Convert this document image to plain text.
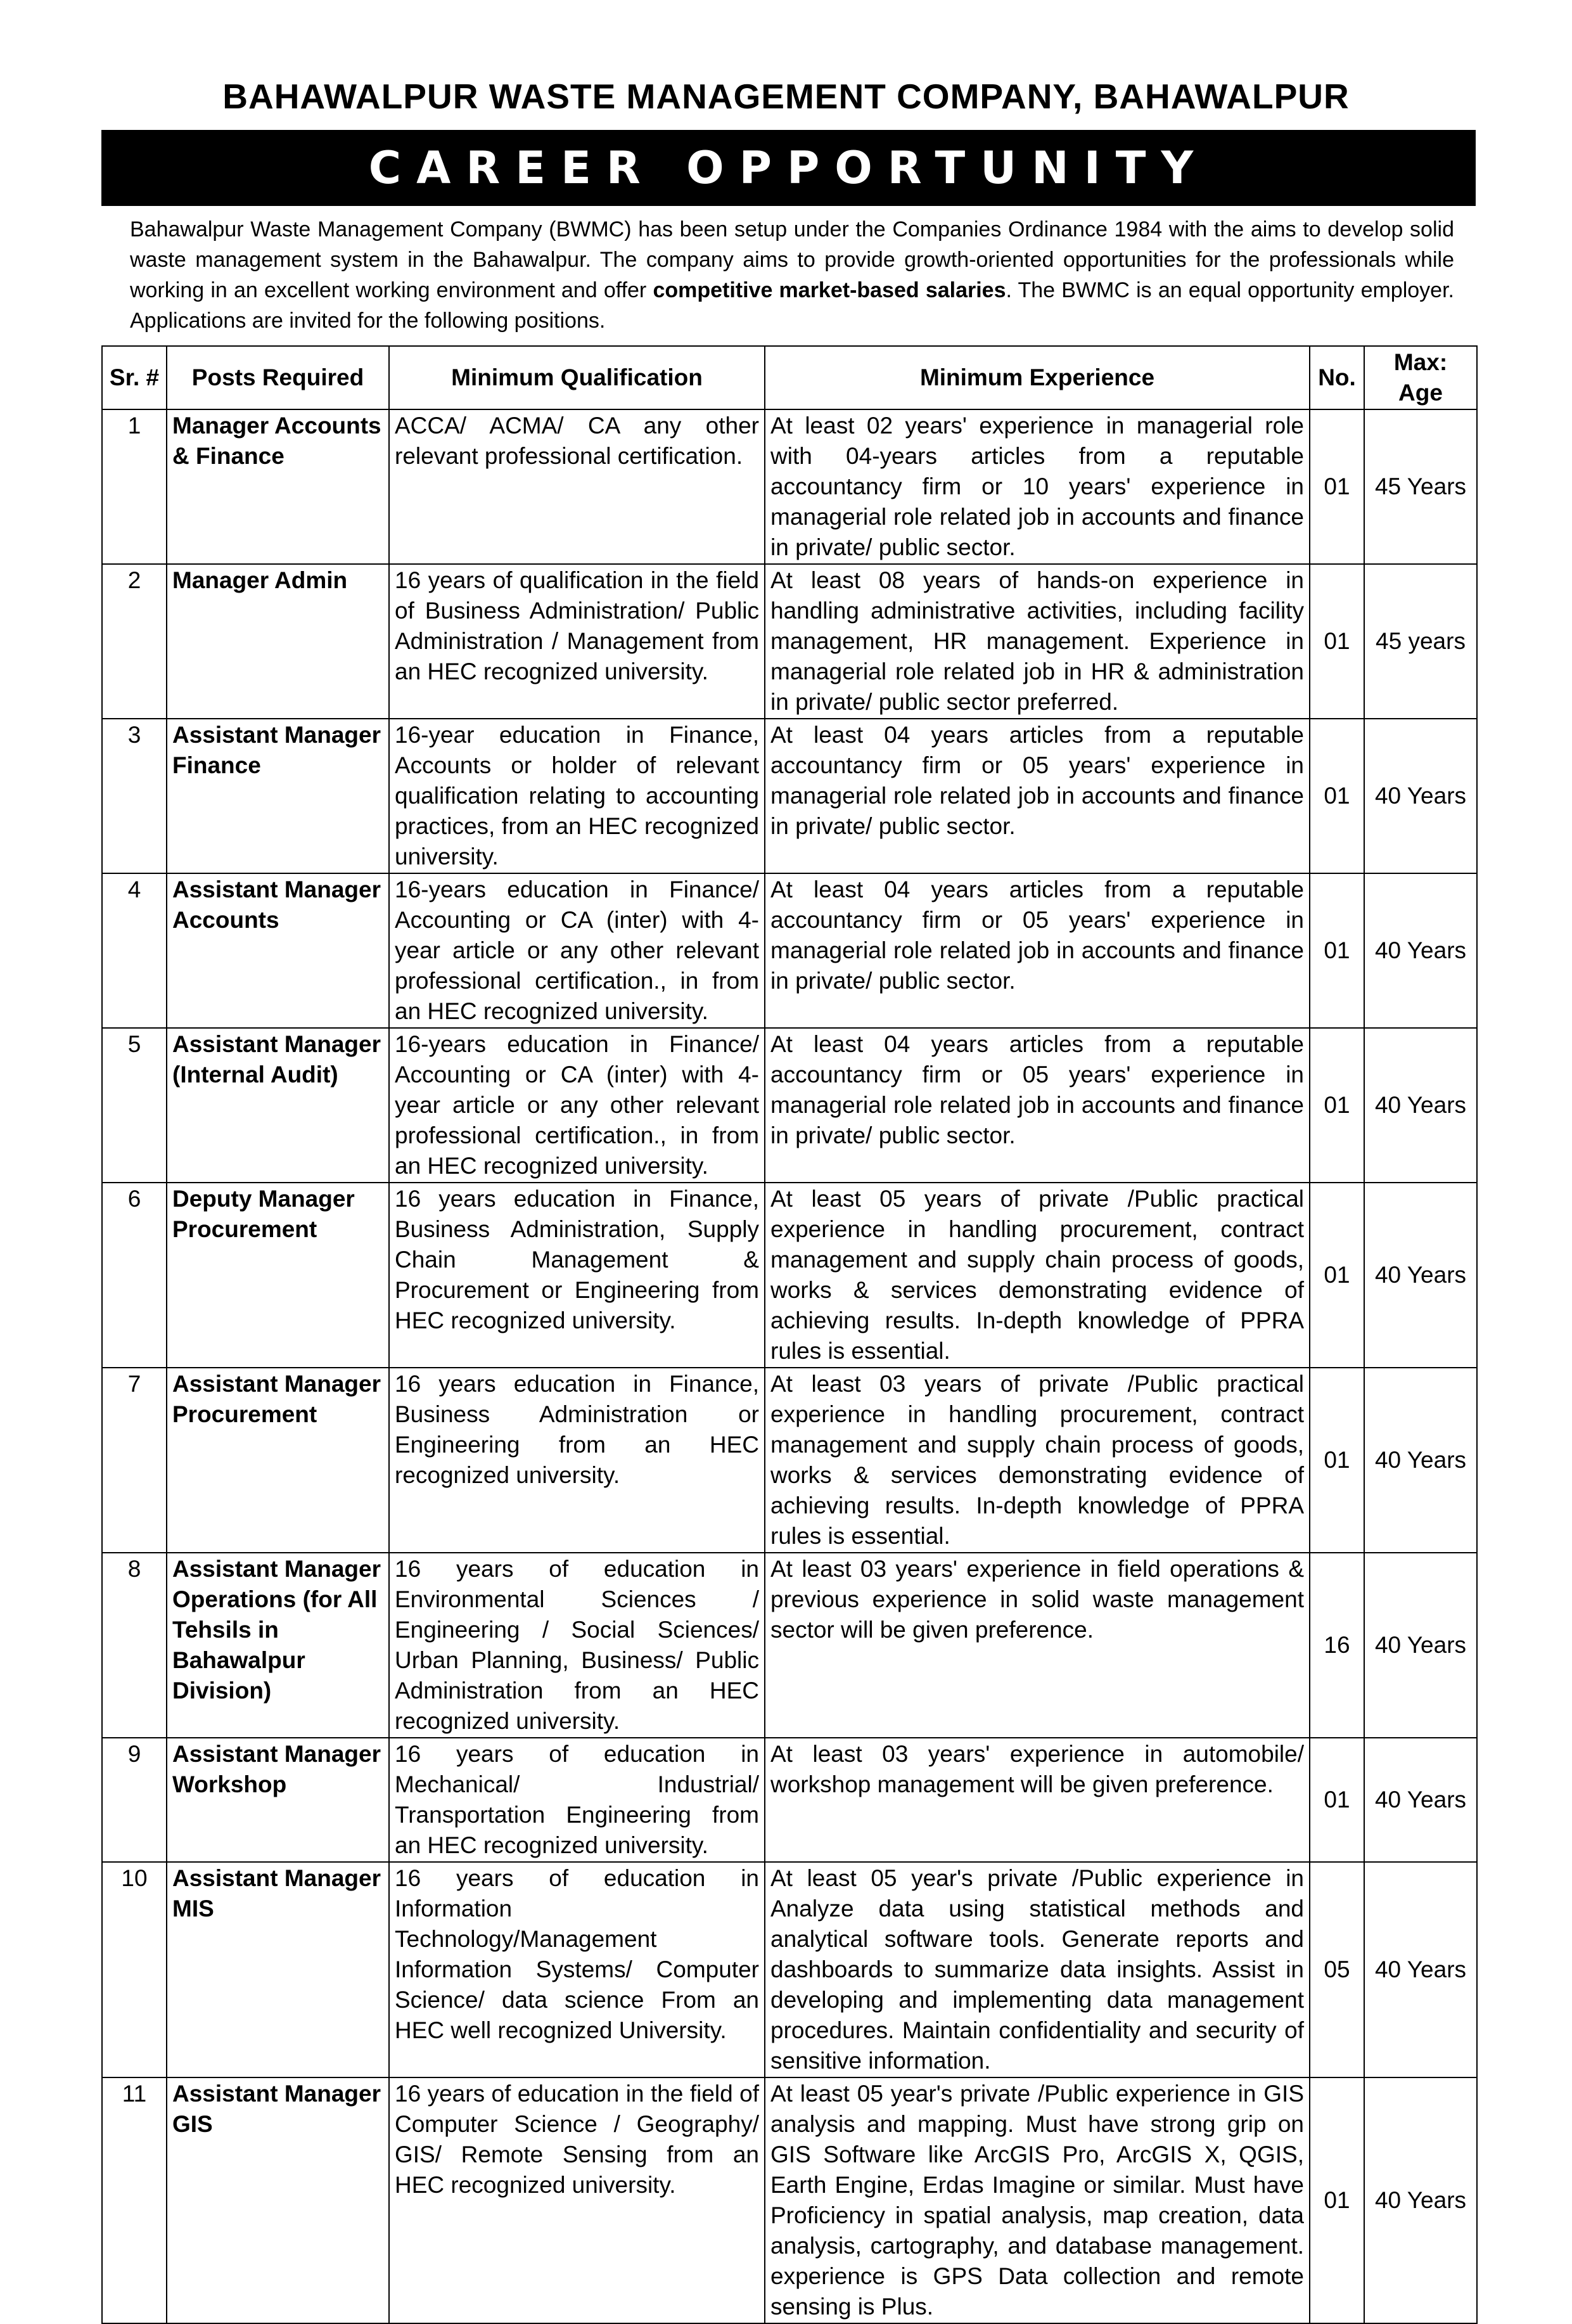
BAHAWALPUR WASTE MANAGEMENT COMPANY, BAHAWALPUR
CAREER OPPORTUNITY
Bahawalpur Waste Management Company (BWMC) has been setup under the Companies Ordinance 1984 with the aims to develop solid waste management system in the Bahawalpur. The company aims to provide growth-oriented opportunities for the professionals while working in an excellent working environment and offer competitive market-based salaries. The BWMC is an equal opportunity employer. Applications are invited for the following positions.
Sr. #	Posts Required	Minimum Qualification	Minimum Experience	No.	Max: Age
1	Manager Accounts & Finance	ACCA/ ACMA/ CA any other relevant professional certification.	At least 02 years' experience in managerial role with 04-years articles from a reputable accountancy firm or 10 years' experience in managerial role related job in accounts and finance in private/ public sector.	01	45 Years
2	Manager Admin	16 years of qualification in the field of Business Administration/ Public Administration / Management from an HEC recognized university.	At least 08 years of hands-on experience in handling administrative activities, including facility management, HR management. Experience in managerial role related job in HR & administration in private/ public sector preferred.	01	45 years
3	Assistant Manager Finance	16-year education in Finance, Accounts or holder of relevant qualification relating to accounting practices, from an HEC recognized university.	At least 04 years articles from a reputable accountancy firm or 05 years' experience in managerial role related job in accounts and finance in private/ public sector.	01	40 Years
4	Assistant Manager Accounts	16-years education in Finance/ Accounting or CA (inter) with 4-year article or any other relevant professional certification., in from an HEC recognized university.	At least 04 years articles from a reputable accountancy firm or 05 years' experience in managerial role related job in accounts and finance in private/ public sector.	01	40 Years
5	Assistant Manager (Internal Audit)	16-years education in Finance/ Accounting or CA (inter) with 4-year article or any other relevant professional certification., in from an HEC recognized university.	At least 04 years articles from a reputable accountancy firm or 05 years' experience in managerial role related job in accounts and finance in private/ public sector.	01	40 Years
6	Deputy Manager Procurement	16 years education in Finance, Business Administration, Supply Chain Management & Procurement or Engineering from HEC recognized university.	At least 05 years of private /Public practical experience in handling procurement, contract management and supply chain process of goods, works & services demonstrating evidence of achieving results. In-depth knowledge of PPRA rules is essential.	01	40 Years
7	Assistant Manager Procurement	16 years education in Finance, Business Administration or Engineering from an HEC recognized university.	At least 03 years of private /Public practical experience in handling procurement, contract management and supply chain process of goods, works & services demonstrating evidence of achieving results. In-depth knowledge of PPRA rules is essential.	01	40 Years
8	Assistant Manager Operations (for All Tehsils in Bahawalpur Division)	16 years of education in Environmental Sciences / Engineering / Social Sciences/ Urban Planning, Business/ Public Administration from an HEC recognized university.	At least 03 years' experience in field operations & previous experience in solid waste management sector will be given preference.	16	40 Years
9	Assistant Manager Workshop	16 years of education in Mechanical/ Industrial/ Transportation Engineering from an HEC recognized university.	At least 03 years' experience in automobile/ workshop management will be given preference.	01	40 Years
10	Assistant Manager MIS	16 years of education in Information Technology/Management Information Systems/ Computer Science/ data science From an HEC well recognized University.	At least 05 year's private /Public experience in Analyze data using statistical methods and analytical software tools. Generate reports and dashboards to summarize data insights. Assist in developing and implementing data management procedures. Maintain confidentiality and security of sensitive information.	05	40 Years
11	Assistant Manager GIS	16 years of education in the field of Computer Science / Geography/ GIS/ Remote Sensing from an HEC recognized university.	At least 05 year's private /Public experience in GIS analysis and mapping. Must have strong grip on GIS Software like ArcGIS Pro, ArcGIS X, QGIS, Earth Engine, Erdas Imagine or similar. Must have Proficiency in spatial analysis, map creation, data analysis, cartography, and database management. experience is GPS Data collection and remote sensing is Plus.	01	40 Years
